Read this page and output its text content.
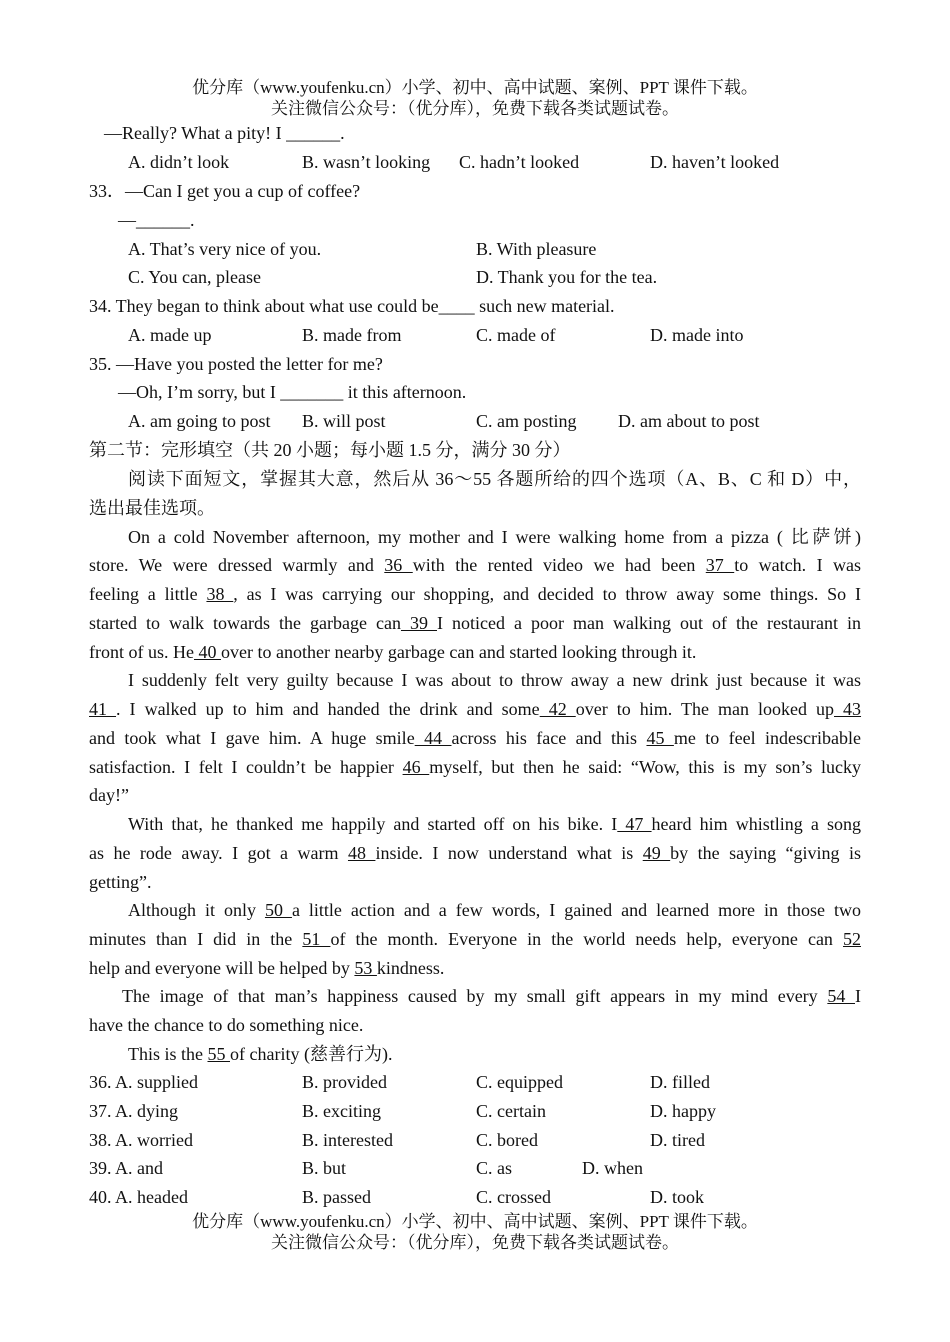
优分库（www.youfenku.cn）小学、初中、高中试题、案例、PPT 课件下载。
关注微信公众号：（优分库），免费下载各类试题试卷。
—Really? What a pity! I ______.
A. didn’t look	B. wasn’t looking C. hadn’t looked	D. haven’t looked
33．—Can I get you a cup of coffee?
—______.
A. That’s very nice of you.	B. With pleasure
C. You can, please	D. Thank you for the tea.
34. They began to think about what use could be____ such new material.
A. made up	B. made from	C. made of	D. made into
35. —Have you posted the letter for me?
—Oh, I’m sorry, but I _______ it this afternoon.
A. am going to post B. will post	C. am posting D. am about to post
第二节：完形填空（共 20 小题；每小题 1.5 分，满分 30 分）
阅读下面短文，掌握其大意，然后从 36～55 各题所给的四个选项（A、B、C 和 D）中，
选出最佳选项。
On a cold November afternoon, my mother and I were walking home from a pizza ( 比萨饼)
store. We were dressed warmly and 36 with the rented video we had been 37 to watch. I was
feeling a little 38 , as I was carrying our shopping, and decided to throw away some things. So I
started to walk towards the garbage can 39 I noticed a poor man walking out of the restaurant in
front of us. He 40 over to another nearby garbage can and started looking through it.
I suddenly felt very guilty because I was about to throw away a new drink just because it was
41 . I walked up to him and handed the drink and some 42 over to him. The man looked up 43
and took what I gave him. A huge smile 44 across his face and this 45 me to feel indescribable
satisfaction. I felt I couldn’t be happier 46 myself, but then he said: “Wow, this is my son’s lucky
day!”
With that, he thanked me happily and started off on his bike. I 47 heard him whistling a song
as he rode away. I got a warm 48 inside. I now understand what is 49 by the saying “giving is
getting”.
Although it only 50 a little action and a few words, I gained and learned more in those two
minutes than I did in the 51 of the month. Everyone in the world needs help, everyone can 52
help and everyone will be helped by 53 kindness.
The image of that man’s happiness caused by my small gift appears in my mind every 54 I
have the chance to do something nice.
This is the 55 of charity (慈善行为).
36. A. supplied	B. provided	C. equipped	D. filled
37. A. dying	B. exciting	C. certain	D. happy
38. A. worried	B. interested	C. bored	D. tired
39. A. and	B. but	C. as	D. when
40. A. headed	B. passed	C. crossed	D. took
优分库（www.youfenku.cn）小学、初中、高中试题、案例、PPT 课件下载。
关注微信公众号：（优分库），免费下载各类试题试卷。
